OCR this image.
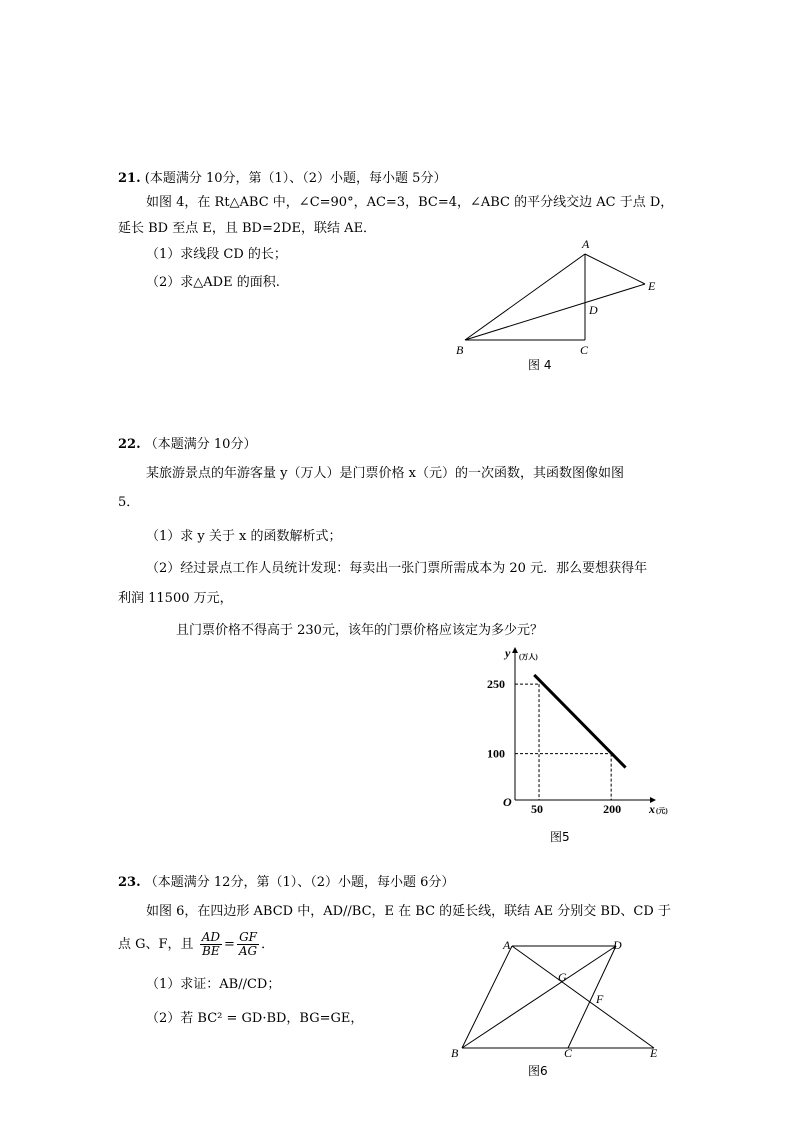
21. (本题满分 10分，第（1）、（2）小题，每小题 5分）
如图 4，在 Rt△ABC 中，∠C=90°，AC=3，BC=4，∠ABC 的平分线交边 AC 于点 D，
延长 BD 至点 E，且 BD=2DE，联结 AE．
（1）求线段 CD 的长；
（2）求△ADE 的面积.
A
B	C
D
E
图 4
22. （本题满分 10分）
某旅游景点的年游客量 y（万人）是门票价格 x（元）的一次函数，其函数图像如图
5．
（1）求 y 关于 x 的函数解析式；
（2）经过景点工作人员统计发现：每卖出一张门票所需成本为 20 元．那么要想获得年
利润 11500 万元，
且门票价格不得高于 230元，该年的门票价格应该定为多少元？
50	200
100
250
y (万人)
x (元)
O
图5
23. （本题满分 12分，第（1）、（2）小题，每小题 6分）
如图 6，在四边形 ABCD 中，AD//BC，E 在 BC 的延长线，联结 AE 分别交 BD、CD 于
点 G、F，且 $\frac{AD}{BE} = \frac{GF}{AG}$ ．
（1）求证：AB//CD；
（2）若 BC² = GD·BD，BG=GE，
A	D
B	C	E
F
G
图6
